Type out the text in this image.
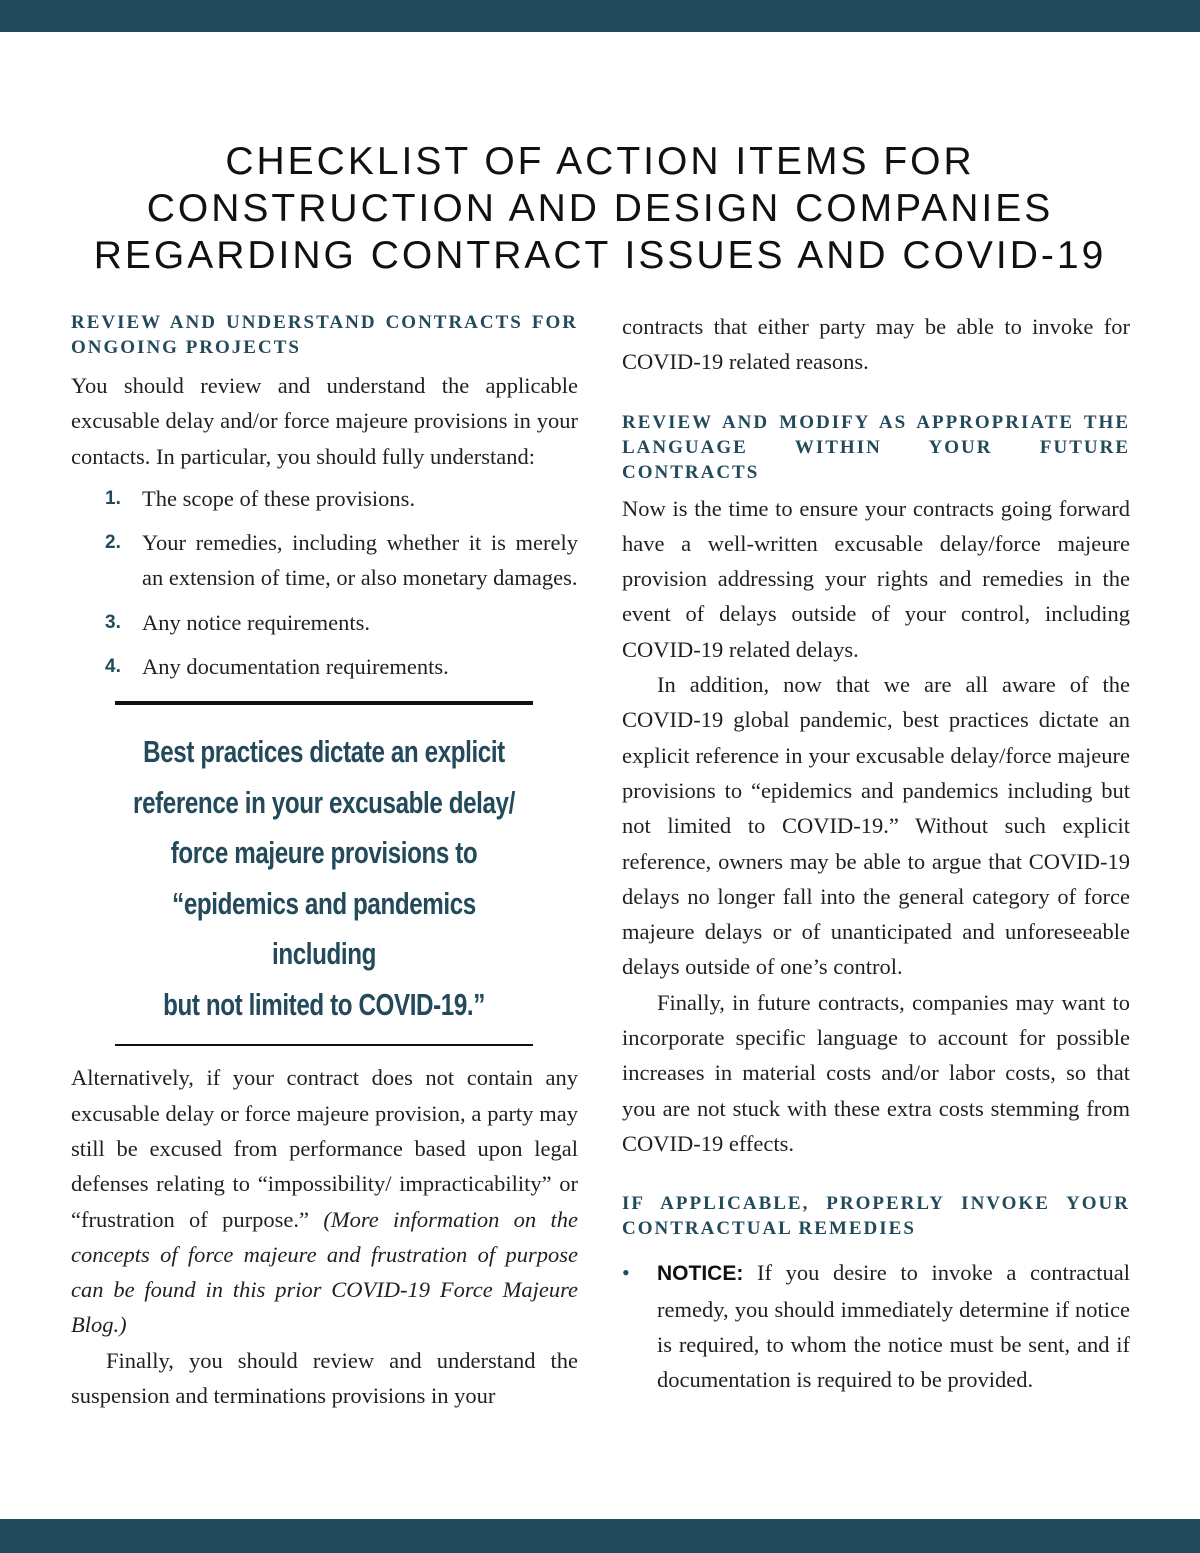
CHECKLIST OF ACTION ITEMS FOR
CONSTRUCTION AND DESIGN COMPANIES
REGARDING CONTRACT ISSUES AND COVID-19
REVIEW AND UNDERSTAND CONTRACTS FOR ONGOING PROJECTS

You should review and understand the applicable excusable delay and/or force majeure provisions in your contacts. In particular, you should fully understand:

1. The scope of these provisions.
2. Your remedies, including whether it is merely an extension of time, or also monetary damages.
3. Any notice requirements.
4. Any documentation requirements.
Best practices dictate an explicit
reference in your excusable delay/
force majeure provisions to
“epidemics and pandemics including
but not limited to COVID-19.”

Alternatively, if your contract does not contain any excusable delay or force majeure provision, a party may still be excused from performance based upon legal defenses relating to “impossibility/ impracticability” or “frustration of purpose.” (More information on the concepts of force majeure and frustration of purpose can be found in this prior COVID-19 Force Majeure Blog.)

Finally, you should review and understand the suspension and terminations provisions in your

contracts that either party may be able to invoke for COVID-19 related reasons.

REVIEW AND MODIFY AS APPROPRIATE THE LANGUAGE WITHIN YOUR FUTURE CONTRACTS

Now is the time to ensure your contracts going forward have a well-written excusable delay/force majeure provision addressing your rights and remedies in the event of delays outside of your control, including COVID-19 related delays.

In addition, now that we are all aware of the COVID-19 global pandemic, best practices dictate an explicit reference in your excusable delay/force majeure provisions to “epidemics and pandemics including but not limited to COVID-19.” Without such explicit reference, owners may be able to argue that COVID-19 delays no longer fall into the general category of force majeure delays or of unanticipated and unforeseeable delays outside of one’s control.

Finally, in future contracts, companies may want to incorporate specific language to account for possible increases in material costs and/or labor costs, so that you are not stuck with these extra costs stemming from COVID-19 effects.

IF APPLICABLE, PROPERLY INVOKE YOUR CONTRACTUAL REMEDIES
• NOTICE: If you desire to invoke a contractual remedy, you should immediately determine if notice is required, to whom the notice must be sent, and if documentation is required to be provided.
